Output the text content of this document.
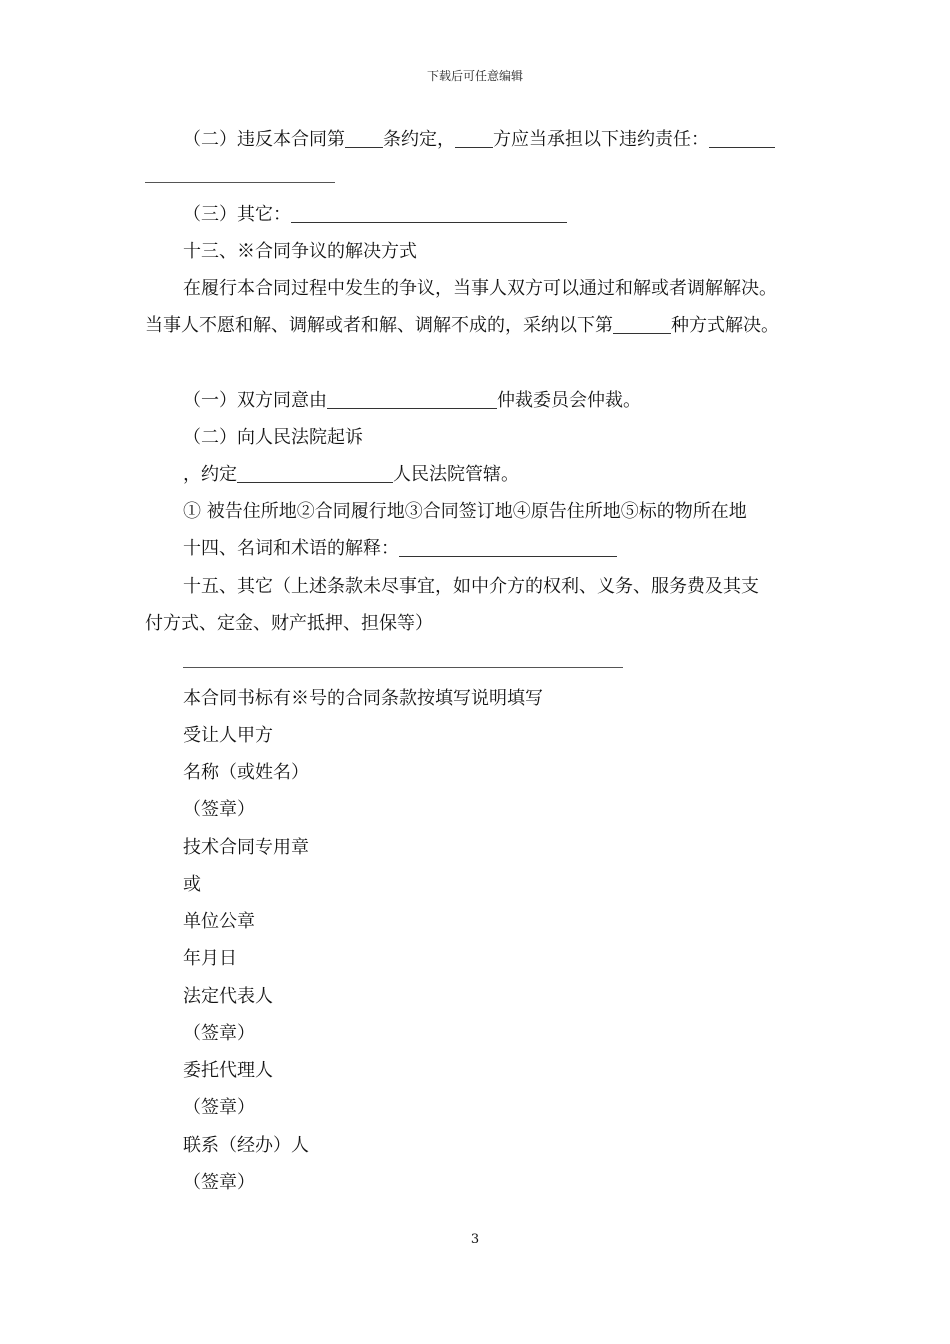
下载后可任意编辑
（二）违反本合同第 条约定， 方应当承担以下违约责任：
（三）其它：
十三、※合同争议的解决方式
在履行本合同过程中发生的争议，当事人双方可以通过和解或者调解解决。
当事人不愿和解、调解或者和解、调解不成的，采纳以下第	种方式解决。
（一）双方同意由	仲裁委员会仲裁。
（二）向人民法院起诉
，约定	人民法院管辖。
① 被告住所地②合同履行地③合同签订地④原告住所地⑤标的物所在地
十四、名词和术语的解释：
十五、其它（上述条款未尽事宜，如中介方的权利、义务、服务费及其支
付方式、定金、财产抵押、担保等）
本合同书标有※号的合同条款按填写说明填写
受让人甲方
名称（或姓名）
（签章）
技术合同专用章
或
单位公章
年月日
法定代表人
（签章）
委托代理人
（签章）
联系（经办）人
（签章）
3
